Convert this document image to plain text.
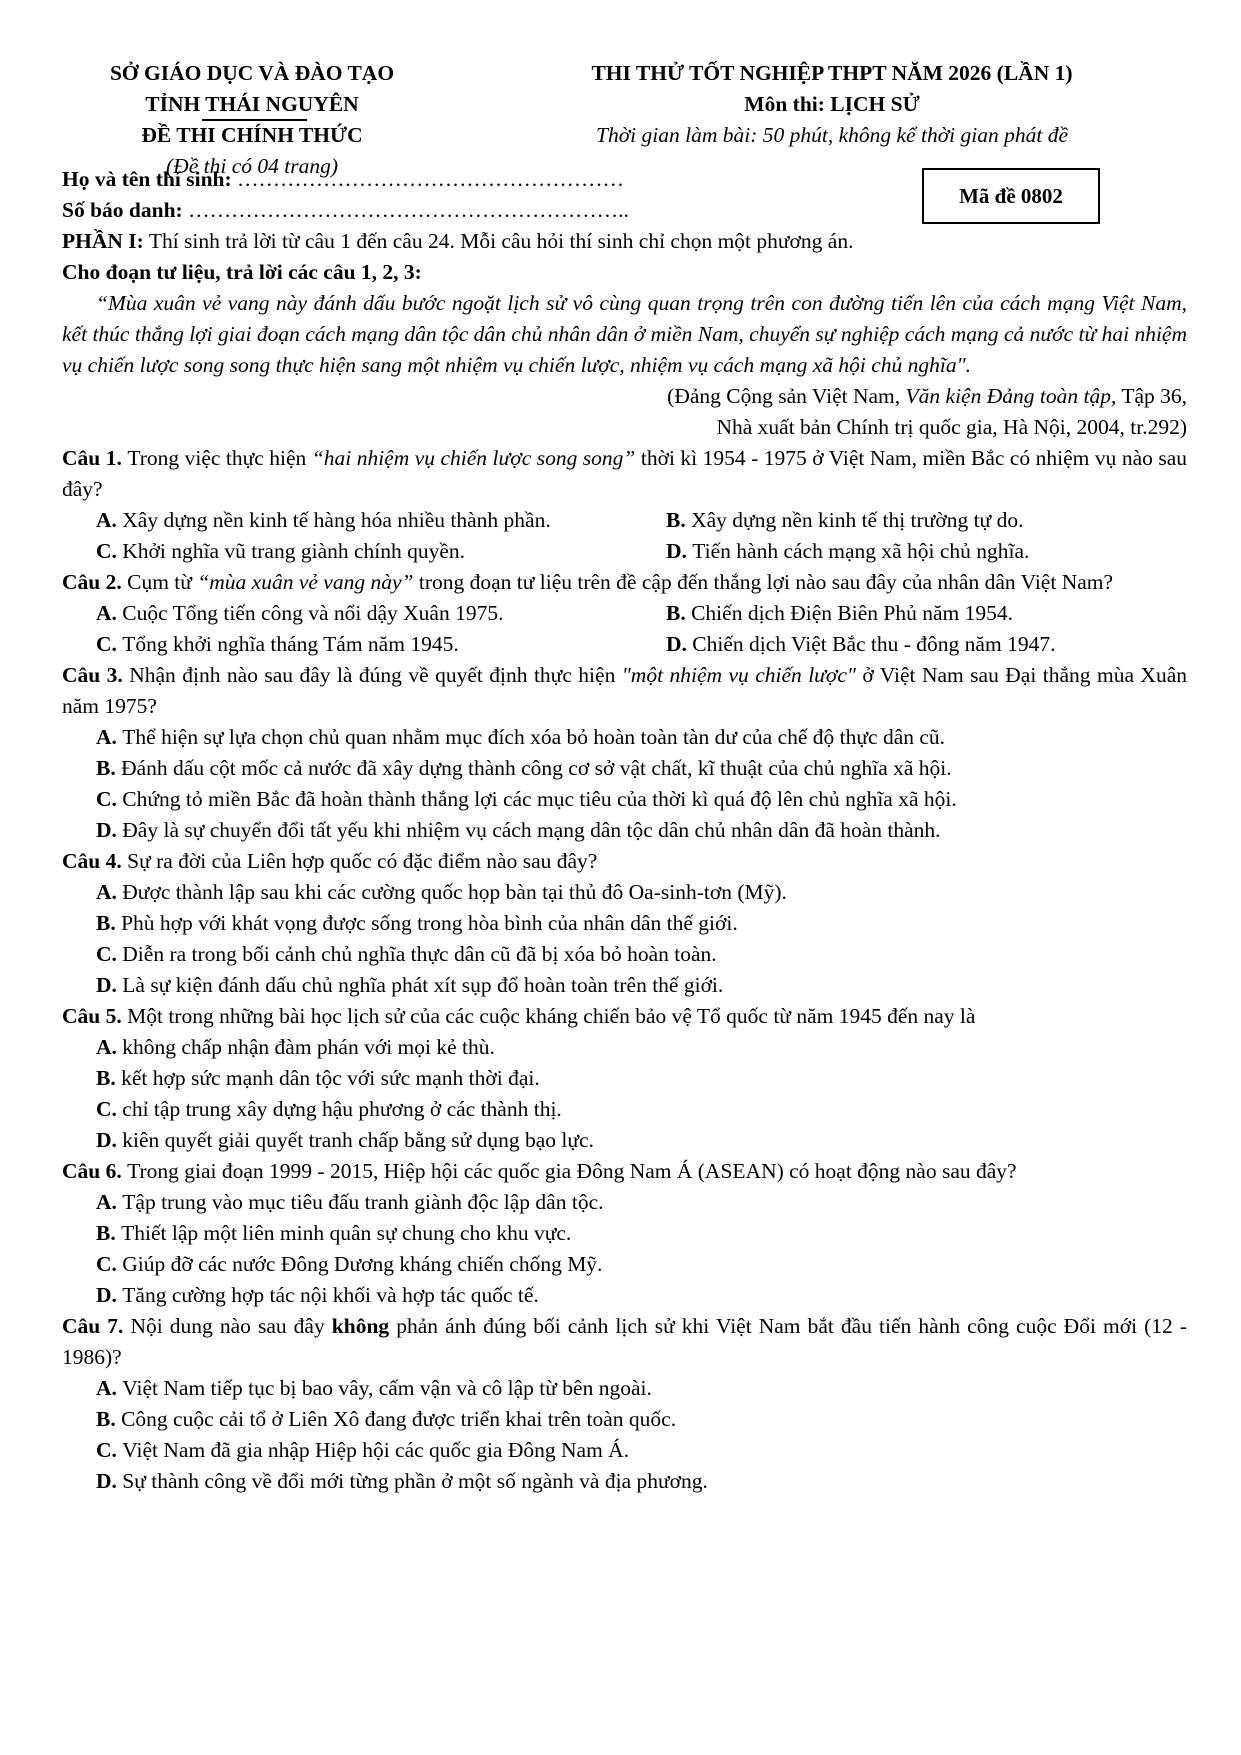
SỞ GIÁO DỤC VÀ ĐÀO TẠO
TỈNH THÁI NGUYÊN
ĐỀ THI CHÍNH THỨC
(Đề thi có 04 trang)
THI THỬ TỐT NGHIỆP THPT NĂM 2026 (LẦN 1)
Môn thi: LỊCH SỬ
Thời gian làm bài: 50 phút, không kể thời gian phát đề
Họ và tên thí sinh: ………………………………………………
Số báo danh: ……………………………………………………..
Mã đề 0802

PHẦN I: Thí sinh trả lời từ câu 1 đến câu 24. Mỗi câu hỏi thí sinh chỉ chọn một phương án.

Cho đoạn tư liệu, trả lời các câu 1, 2, 3:

“Mùa xuân vẻ vang này đánh dấu bước ngoặt lịch sử vô cùng quan trọng trên con đường tiến lên của cách mạng Việt Nam, kết thúc thắng lợi giai đoạn cách mạng dân tộc dân chủ nhân dân ở miền Nam, chuyển sự nghiệp cách mạng cả nước từ hai nhiệm vụ chiến lược song song thực hiện sang một nhiệm vụ chiến lược, nhiệm vụ cách mạng xã hội chủ nghĩa".

(Đảng Cộng sản Việt Nam, Văn kiện Đảng toàn tập, Tập 36,

Nhà xuất bản Chính trị quốc gia, Hà Nội, 2004, tr.292)

Câu 1. Trong việc thực hiện “hai nhiệm vụ chiến lược song song” thời kì 1954 - 1975 ở Việt Nam, miền Bắc có nhiệm vụ nào sau đây?

A. Xây dựng nền kinh tế hàng hóa nhiều thành phần.	B. Xây dựng nền kinh tế thị trường tự do.
C. Khởi nghĩa vũ trang giành chính quyền.	D. Tiến hành cách mạng xã hội chủ nghĩa.

Câu 2. Cụm từ “mùa xuân vẻ vang này” trong đoạn tư liệu trên đề cập đến thắng lợi nào sau đây của nhân dân Việt Nam?

A. Cuộc Tổng tiến công và nổi dậy Xuân 1975.	B. Chiến dịch Điện Biên Phủ năm 1954.
C. Tổng khởi nghĩa tháng Tám năm 1945.	D. Chiến dịch Việt Bắc thu - đông năm 1947.

Câu 3. Nhận định nào sau đây là đúng về quyết định thực hiện "một nhiệm vụ chiến lược" ở Việt Nam sau Đại thắng mùa Xuân năm 1975?

A. Thể hiện sự lựa chọn chủ quan nhằm mục đích xóa bỏ hoàn toàn tàn dư của chế độ thực dân cũ.
B. Đánh dấu cột mốc cả nước đã xây dựng thành công cơ sở vật chất, kĩ thuật của chủ nghĩa xã hội.
C. Chứng tỏ miền Bắc đã hoàn thành thắng lợi các mục tiêu của thời kì quá độ lên chủ nghĩa xã hội.
D. Đây là sự chuyển đổi tất yếu khi nhiệm vụ cách mạng dân tộc dân chủ nhân dân đã hoàn thành.

Câu 4. Sự ra đời của Liên hợp quốc có đặc điểm nào sau đây?

A. Được thành lập sau khi các cường quốc họp bàn tại thủ đô Oa-sinh-tơn (Mỹ).
B. Phù hợp với khát vọng được sống trong hòa bình của nhân dân thế giới.
C. Diễn ra trong bối cảnh chủ nghĩa thực dân cũ đã bị xóa bỏ hoàn toàn.
D. Là sự kiện đánh dấu chủ nghĩa phát xít sụp đổ hoàn toàn trên thế giới.

Câu 5. Một trong những bài học lịch sử của các cuộc kháng chiến bảo vệ Tổ quốc từ năm 1945 đến nay là

A. không chấp nhận đàm phán với mọi kẻ thù.
B. kết hợp sức mạnh dân tộc với sức mạnh thời đại.
C. chỉ tập trung xây dựng hậu phương ở các thành thị.
D. kiên quyết giải quyết tranh chấp bằng sử dụng bạo lực.

Câu 6. Trong giai đoạn 1999 - 2015, Hiệp hội các quốc gia Đông Nam Á (ASEAN) có hoạt động nào sau đây?

A. Tập trung vào mục tiêu đấu tranh giành độc lập dân tộc.
B. Thiết lập một liên minh quân sự chung cho khu vực.
C. Giúp đỡ các nước Đông Dương kháng chiến chống Mỹ.
D. Tăng cường hợp tác nội khối và hợp tác quốc tế.

Câu 7. Nội dung nào sau đây không phản ánh đúng bối cảnh lịch sử khi Việt Nam bắt đầu tiến hành công cuộc Đổi mới (12 - 1986)?

A. Việt Nam tiếp tục bị bao vây, cấm vận và cô lập từ bên ngoài.
B. Công cuộc cải tổ ở Liên Xô đang được triển khai trên toàn quốc.
C. Việt Nam đã gia nhập Hiệp hội các quốc gia Đông Nam Á.
D. Sự thành công về đổi mới từng phần ở một số ngành và địa phương.
